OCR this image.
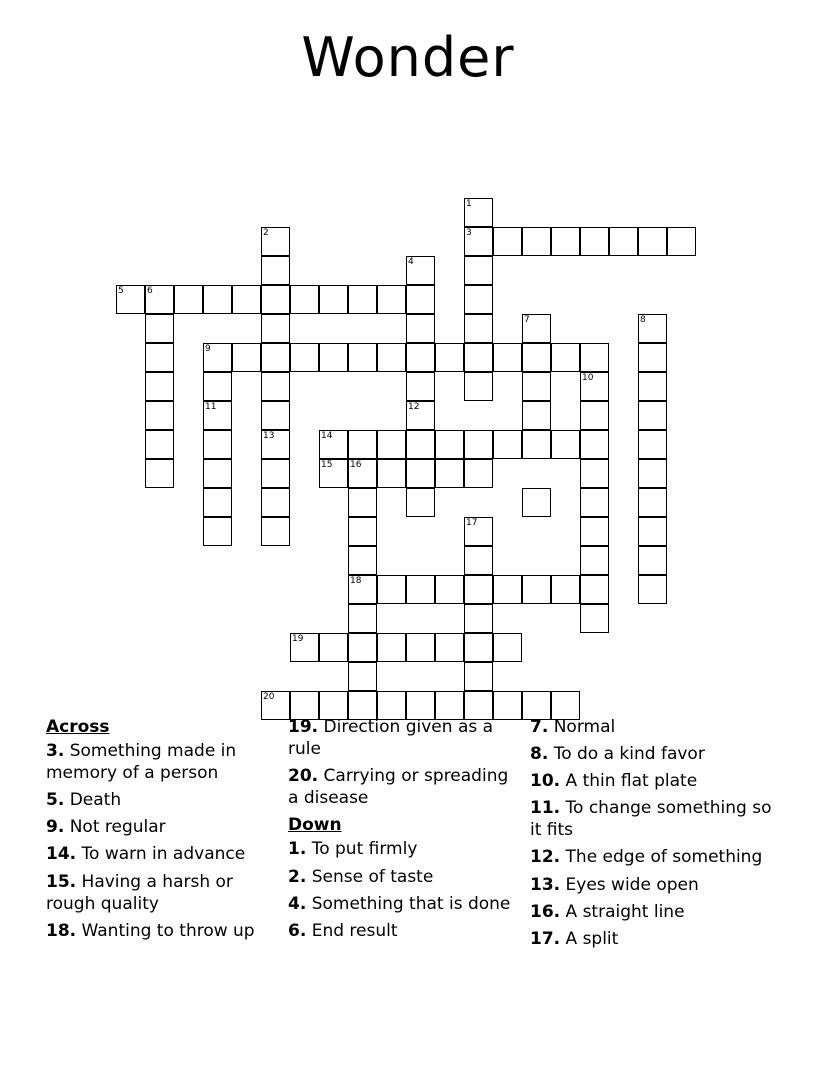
Wonder
1
2	3
4
5	6
7	8
9
10
11	12
13	14
15 16
17
18
19
20
Across
3. Something made in memory of a person
5. Death
9. Not regular
14. To warn in advance
15. Having a harsh or rough quality
18. Wanting to throw up
19. Direction given as a rule
20. Carrying or spreading a disease
Down
1. To put firmly
2. Sense of taste
4. Something that is done
6. End result
7. Normal
8. To do a kind favor
10. A thin flat plate
11. To change something so it fits
12. The edge of something
13. Eyes wide open
16. A straight line
17. A split
